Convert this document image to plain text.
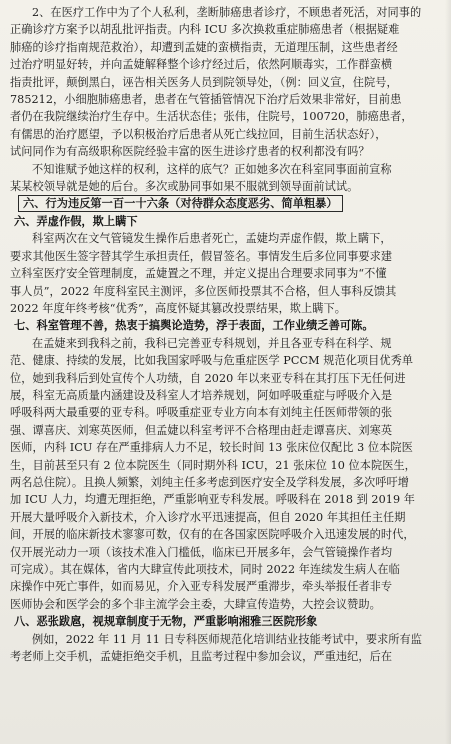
2、在医疗工作中为了个人私利，垄断肺癌患者诊疗，不顾患者死活，对同事的
正确诊疗方案予以胡乱批评指责。内科 ICU 多次换救重症肺癌患者（根据疑难
肺癌的诊疗指南规范救治），却遭到孟婕的蛮横指责，无道理压制，这些患者经
过治疗明显好转，并向孟婕解释整个诊疗经过后，依然阿顺毒实，工作群蛮横
指责批评，颠倒黑白，诬告相关医务人员到院领导处，（例：回义宣，住院号，
785212，小细胞肺癌患者，患者在气管插管情况下治疗后效果非常好，目前患
者仍在我院继续治疗生存中。生活状态佳；张伟，住院号，100720，肺癌患者，
有儒思的治疗愿望，予以积极治疗后患者从死亡线拉回，目前生活状态好），
试问同作为有高级职称医院经验丰富的医生进诊疗患者的权利都没有吗？
不知谁赋予她这样的权利，这样的底气？正如她多次在科室同事面前宣称
某某校领导就是她的后台。多次或胁同事如果不服就到领导面前试试。
六、行为违反第一百一十六条（对待群众态度恶劣、简单粗暴）
六、弄虚作假，欺上瞒下
科室两次在文气管镜发生操作后患者死亡，孟婕均弄虚作假，欺上瞒下，
要求其他医生签字替其学生承担责任，假冒签名。事情发生后多位同事要求建
立科室医疗安全管理制度，孟婕置之不理，并定义提出合理要求同事为“不懂
事人员”，2022 年度科室民主测评，多位医师投票其不合格，但人事科反馈其
2022 年度年终考核“优秀”，高度怀疑其篡改投票结果，欺上瞒下。
七、科室管理不善，热衷于搞舆论造势，浮于表面，工作业绩乏善可陈。
在孟婕来到我科之前，我科已完善亚专科规划，并且各亚专科在科学、规
范、健康、持续的发展，比如我国家呼吸与危重症医学 PCCM 规范化项目优秀单
位，她到我科后到处宣传个人功绩，自 2020 年以来亚专科在其打压下无任何进
展，科室无高质量内涵建设及科室人才培养规划，阿如呼吸重症与呼吸介入是
呼吸科两大最重要的亚专科。呼吸重症亚专业方向本有刘纯主任医师带领的张
强、谭喜庆、刘寒英医师，但孟婕以科室考评不合格理由赶走谭喜庆、刘寒英
医师，内科 ICU 存在严重排病人力不足，较长时间 13 张床位仅配比 3 位本院医
生，目前甚至只有 2 位本院医生（同时期外科 ICU，21 张床位 10 位本院医生，
两名总住院）。且换人频繁，刘纯主任多考虑到医疗安全及学科发展，多次呼吁增
加 ICU 人力，均遭无理拒绝，严重影响亚专科发展。呼吸科在 2018 到 2019 年
开展大量呼吸介入新技术，介入诊疗水平迅速提高，但自 2020 年其担任主任期
间，开展的临床新技术寥寥可数，仅有的在各国家医院呼吸介入迅速发展的时代，
仅开展光动力一项（该技术准入门槛低，临床已开展多年，会气管镜操作者均
可完成）。其在媒体，省内大肆宣传此项技术，同时 2022 年连续发生病人在临
床操作中死亡事件，如而易见，介入亚专科发展严重滞步，牵头举报任者非专
医师协会和医学会的多个非主流学会主委，大肆宣传造势，大控会议赞助。
八、恶张跋扈，视规章制度于无物，严重影响湘雅三医院形象
例如，2022 年 11 月 11 日专科医师规范化培训结业技能考试中，要求所有监
考老师上交手机，孟婕拒绝交手机，且监考过程中参加会议，严重违纪，后在
